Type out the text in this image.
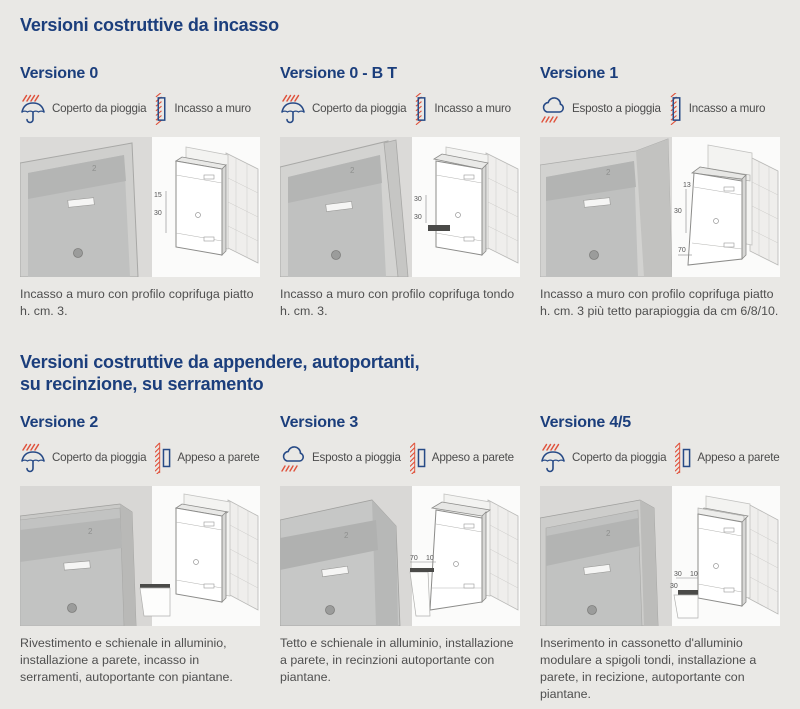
Versioni costruttive da incasso
Versione 0
Coperto da pioggia Incasso a muro
2
15
30

Incasso a muro con profilo coprifuga piatto h. cm. 3.

Versione 0 - B T
Coperto da pioggia Incasso a muro
2
30
30

Incasso a muro con profilo coprifuga tondo h. cm. 3.

Versione 1
Esposto a pioggia Incasso a muro
2
13
30
70

Incasso a muro con profilo coprifuga piatto h. cm. 3 più tetto parapioggia da cm 6/8/10.

Versioni costruttive da appendere, autoportanti,
su recinzione, su serramento
Versione 2
Coperto da pioggia	Appeso a parete
2

Rivestimento e schienale in alluminio, installazione a parete, incasso in serramenti, autoportante con piantane.

Versione 3
Esposto a pioggia	Appeso a parete
2
70 10

Tetto e schienale in alluminio, installazione a parete, in recinzioni autoportante con piantane.

Versione 4/5
Coperto da pioggia	Appeso a parete
2
30 10
30

Inserimento in cassonetto d'alluminio modulare a spigoli tondi, installazione a parete, in recizione, autoportante con piantane.
